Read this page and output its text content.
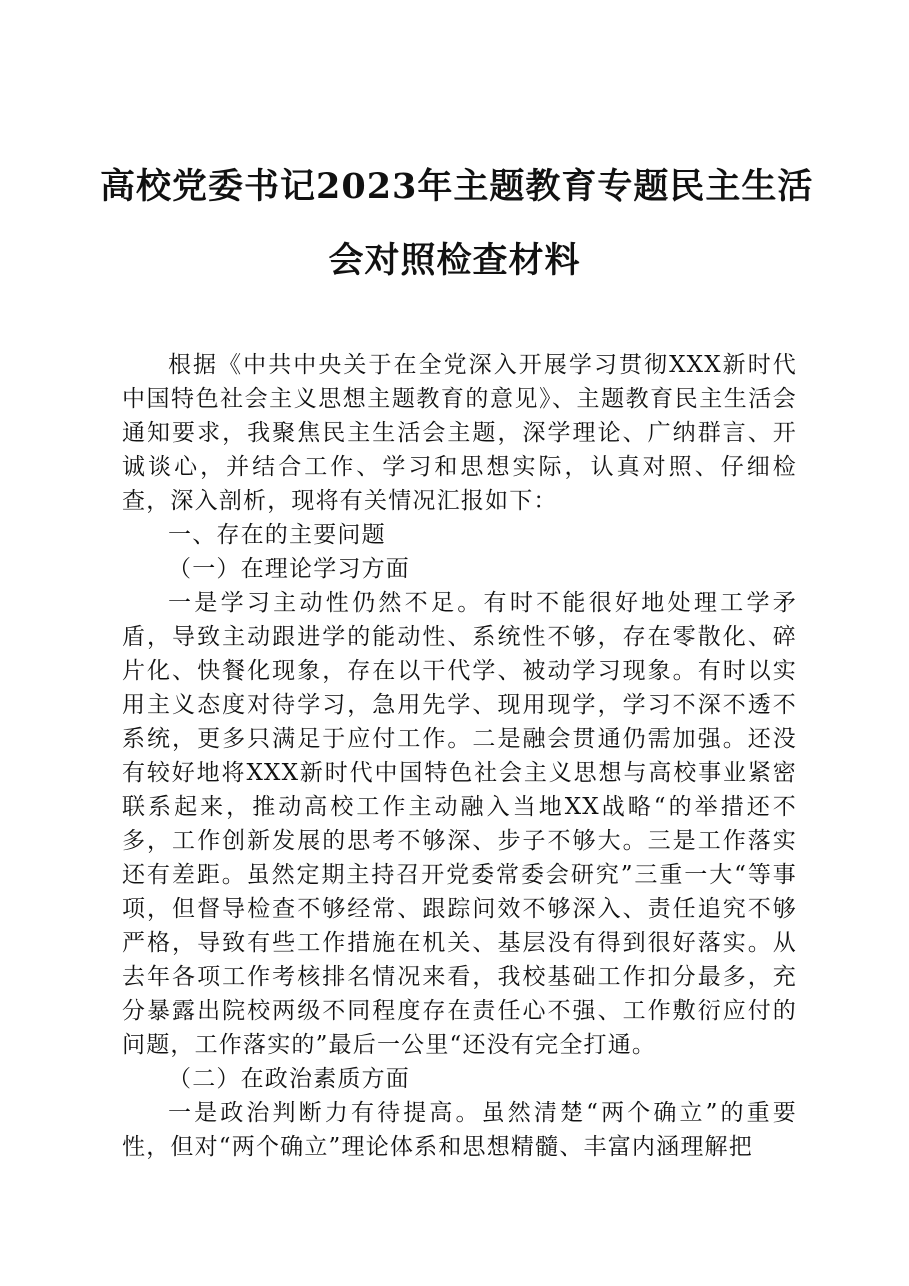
高校党委书记2023年主题教育专题民主生活
会对照检查材料

根据《中共中央关于在全党深入开展学习贯彻XXX新时代中国特色社会主义思想主题教育的意见》、主题教育民主生活会通知要求，我聚焦民主生活会主题，深学理论、广纳群言、开诚谈心，并结合工作、学习和思想实际，认真对照、仔细检查，深入剖析，现将有关情况汇报如下：

一、存在的主要问题

（一）在理论学习方面

一是学习主动性仍然不足。有时不能很好地处理工学矛盾，导致主动跟进学的能动性、系统性不够，存在零散化、碎片化、快餐化现象，存在以干代学、被动学习现象。有时以实用主义态度对待学习，急用先学、现用现学，学习不深不透不系统，更多只满足于应付工作。二是融会贯通仍需加强。还没有较好地将XXX新时代中国特色社会主义思想与高校事业紧密联系起来，推动高校工作主动融入当地XX战略“的举措还不多，工作创新发展的思考不够深、步子不够大。三是工作落实还有差距。虽然定期主持召开党委常委会研究”三重一大“等事项，但督导检查不够经常、跟踪问效不够深入、责任追究不够严格，导致有些工作措施在机关、基层没有得到很好落实。从去年各项工作考核排名情况来看，我校基础工作扣分最多，充分暴露出院校两级不同程度存在责任心不强、工作敷衍应付的问题，工作落实的”最后一公里“还没有完全打通。

（二）在政治素质方面

一是政治判断力有待提高。虽然清楚“两个确立”的重要性，但对“两个确立”理论体系和思想精髓、丰富内涵理解把
